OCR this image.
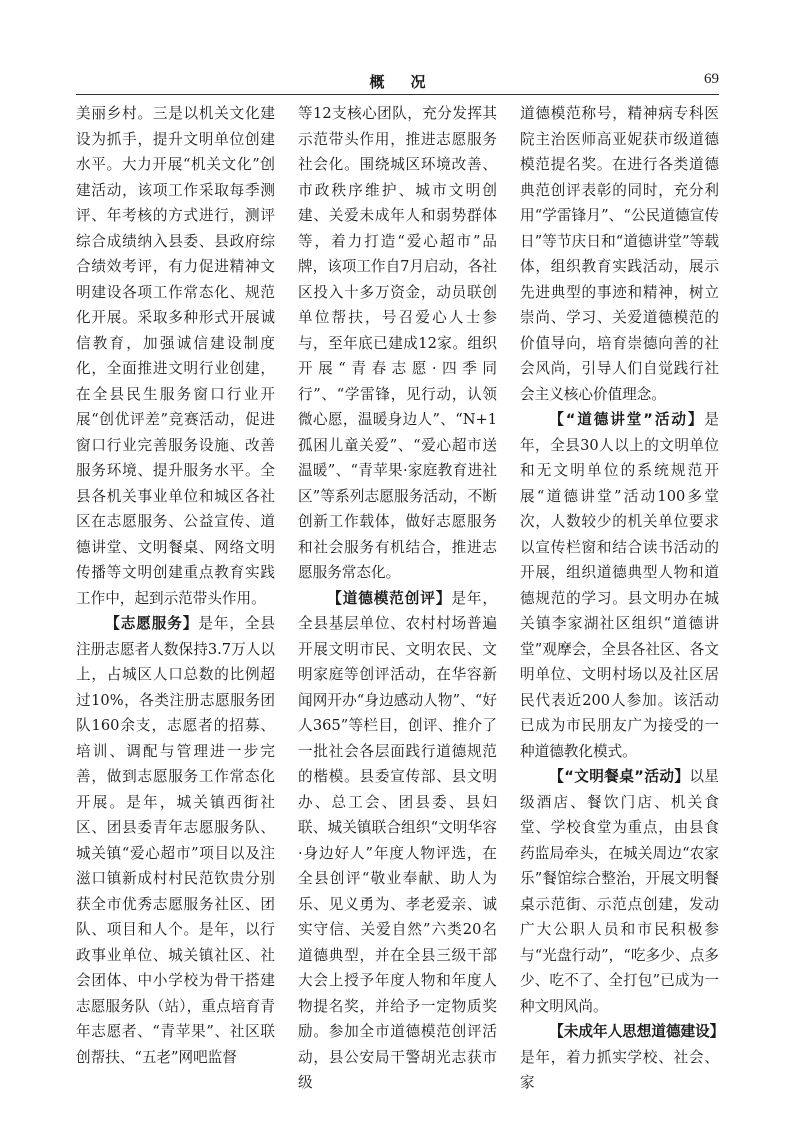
概况	69

美丽乡村。三是以机关文化建设为抓手，提升文明单位创建水平。大力开展“机关文化”创建活动，该项工作采取每季测评、年考核的方式进行，测评综合成绩纳入县委、县政府综合绩效考评，有力促进精神文明建设各项工作常态化、规范化开展。采取多种形式开展诚信教育，加强诚信建设制度化，全面推进文明行业创建，在全县民生服务窗口行业开展“创优评差”竞赛活动，促进窗口行业完善服务设施、改善服务环境、提升服务水平。全县各机关事业单位和城区各社区在志愿服务、公益宣传、道德讲堂、文明餐桌、网络文明传播等文明创建重点教育实践工作中，起到示范带头作用。

【志愿服务】是年，全县注册志愿者人数保持3.7万人以上，占城区人口总数的比例超过10%，各类注册志愿服务团队160余支，志愿者的招募、培训、调配与管理进一步完善，做到志愿服务工作常态化开展。是年，城关镇西街社区、团县委青年志愿服务队、城关镇“爱心超市”项目以及注滋口镇新成村村民范钦贵分别获全市优秀志愿服务社区、团队、项目和人个。是年，以行政事业单位、城关镇社区、社会团体、中小学校为骨干搭建志愿服务队（站），重点培育青年志愿者、“青苹果”、社区联创帮扶、“五老”网吧监督

等12支核心团队，充分发挥其示范带头作用，推进志愿服务社会化。围绕城区环境改善、市政秩序维护、城市文明创建、关爱未成年人和弱势群体等，着力打造“爱心超市”品牌，该项工作自7月启动，各社区投入十多万资金，动员联创单位帮扶，号召爱心人士参与，至年底已建成12家。组织开展“青春志愿·四季同行”、“学雷锋，见行动，认领微心愿，温暖身边人”、“N+1孤困儿童关爱”、“爱心超市送温暖”、“青苹果·家庭教育进社区”等系列志愿服务活动，不断创新工作载体，做好志愿服务和社会服务有机结合，推进志愿服务常态化。

【道德模范创评】是年，全县基层单位、农村村场普遍开展文明市民、文明农民、文明家庭等创评活动，在华容新闻网开办“身边感动人物”、“好人365”等栏目，创评、推介了一批社会各层面践行道德规范的楷模。县委宣传部、县文明办、总工会、团县委、县妇联、城关镇联合组织“文明华容·身边好人”年度人物评选，在全县创评“敬业奉献、助人为乐、见义勇为、孝老爱亲、诚实守信、关爱自然”六类20名道德典型，并在全县三级干部大会上授予年度人物和年度人物提名奖，并给予一定物质奖励。参加全市道德模范创评活动，县公安局干警胡光志获市级

道德模范称号，精神病专科医院主治医师高亚妮获市级道德模范提名奖。在进行各类道德典范创评表彰的同时，充分利用“学雷锋月”、“公民道德宣传日”等节庆日和“道德讲堂”等载体，组织教育实践活动，展示先进典型的事迹和精神，树立崇尚、学习、关爱道德模范的价值导向，培育崇德向善的社会风尚，引导人们自觉践行社会主义核心价值理念。

【“道德讲堂”活动】是年，全县30人以上的文明单位和无文明单位的系统规范开展“道德讲堂”活动100多堂次，人数较少的机关单位要求以宣传栏窗和结合读书活动的开展，组织道德典型人物和道德规范的学习。县文明办在城关镇李家湖社区组织“道德讲堂”观摩会，全县各社区、各文明单位、文明村场以及社区居民代表近200人参加。该活动已成为市民朋友广为接受的一种道德教化模式。

【“文明餐桌”活动】以星级酒店、餐饮门店、机关食堂、学校食堂为重点，由县食药监局牵头，在城关周边“农家乐”餐馆综合整治，开展文明餐桌示范街、示范点创建，发动广大公职人员和市民积极参与“光盘行动”，“吃多少、点多少、吃不了、全打包”已成为一种文明风尚。

【未成年人思想道德建设】是年，着力抓实学校、社会、家
